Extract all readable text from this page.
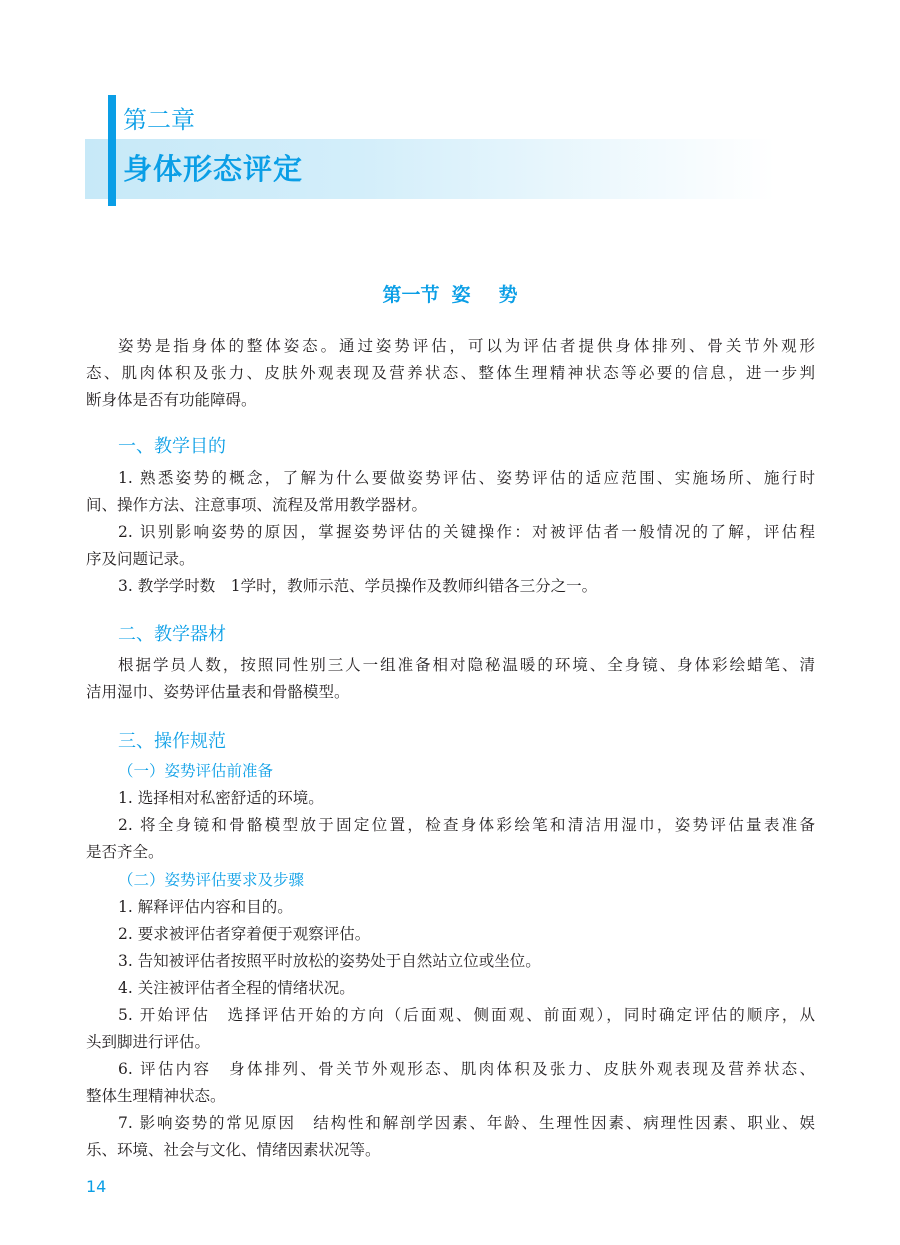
第二章
身体形态评定
第一节 姿 势
姿势是指身体的整体姿态。通过姿势评估，可以为评估者提供身体排列、骨关节外观形
态、肌肉体积及张力、皮肤外观表现及营养状态、整体生理精神状态等必要的信息，进一步判
断身体是否有功能障碍。
一、教学目的
1. 熟悉姿势的概念，了解为什么要做姿势评估、姿势评估的适应范围、实施场所、施行时
间、操作方法、注意事项、流程及常用教学器材。
2. 识别影响姿势的原因，掌握姿势评估的关键操作：对被评估者一般情况的了解，评估程
序及问题记录。
3. 教学学时数　1学时，教师示范、学员操作及教师纠错各三分之一。
二、教学器材
根据学员人数，按照同性别三人一组准备相对隐秘温暖的环境、全身镜、身体彩绘蜡笔、清
洁用湿巾、姿势评估量表和骨骼模型。
三、操作规范
（一）姿势评估前准备
1. 选择相对私密舒适的环境。
2. 将全身镜和骨骼模型放于固定位置，检查身体彩绘笔和清洁用湿巾，姿势评估量表准备
是否齐全。
（二）姿势评估要求及步骤
1. 解释评估内容和目的。
2. 要求被评估者穿着便于观察评估。
3. 告知被评估者按照平时放松的姿势处于自然站立位或坐位。
4. 关注被评估者全程的情绪状况。
5. 开始评估　选择评估开始的方向（后面观、侧面观、前面观），同时确定评估的顺序，从
头到脚进行评估。
6. 评估内容　身体排列、骨关节外观形态、肌肉体积及张力、皮肤外观表现及营养状态、
整体生理精神状态。
7. 影响姿势的常见原因　结构性和解剖学因素、年龄、生理性因素、病理性因素、职业、娱
乐、环境、社会与文化、情绪因素状况等。
14
